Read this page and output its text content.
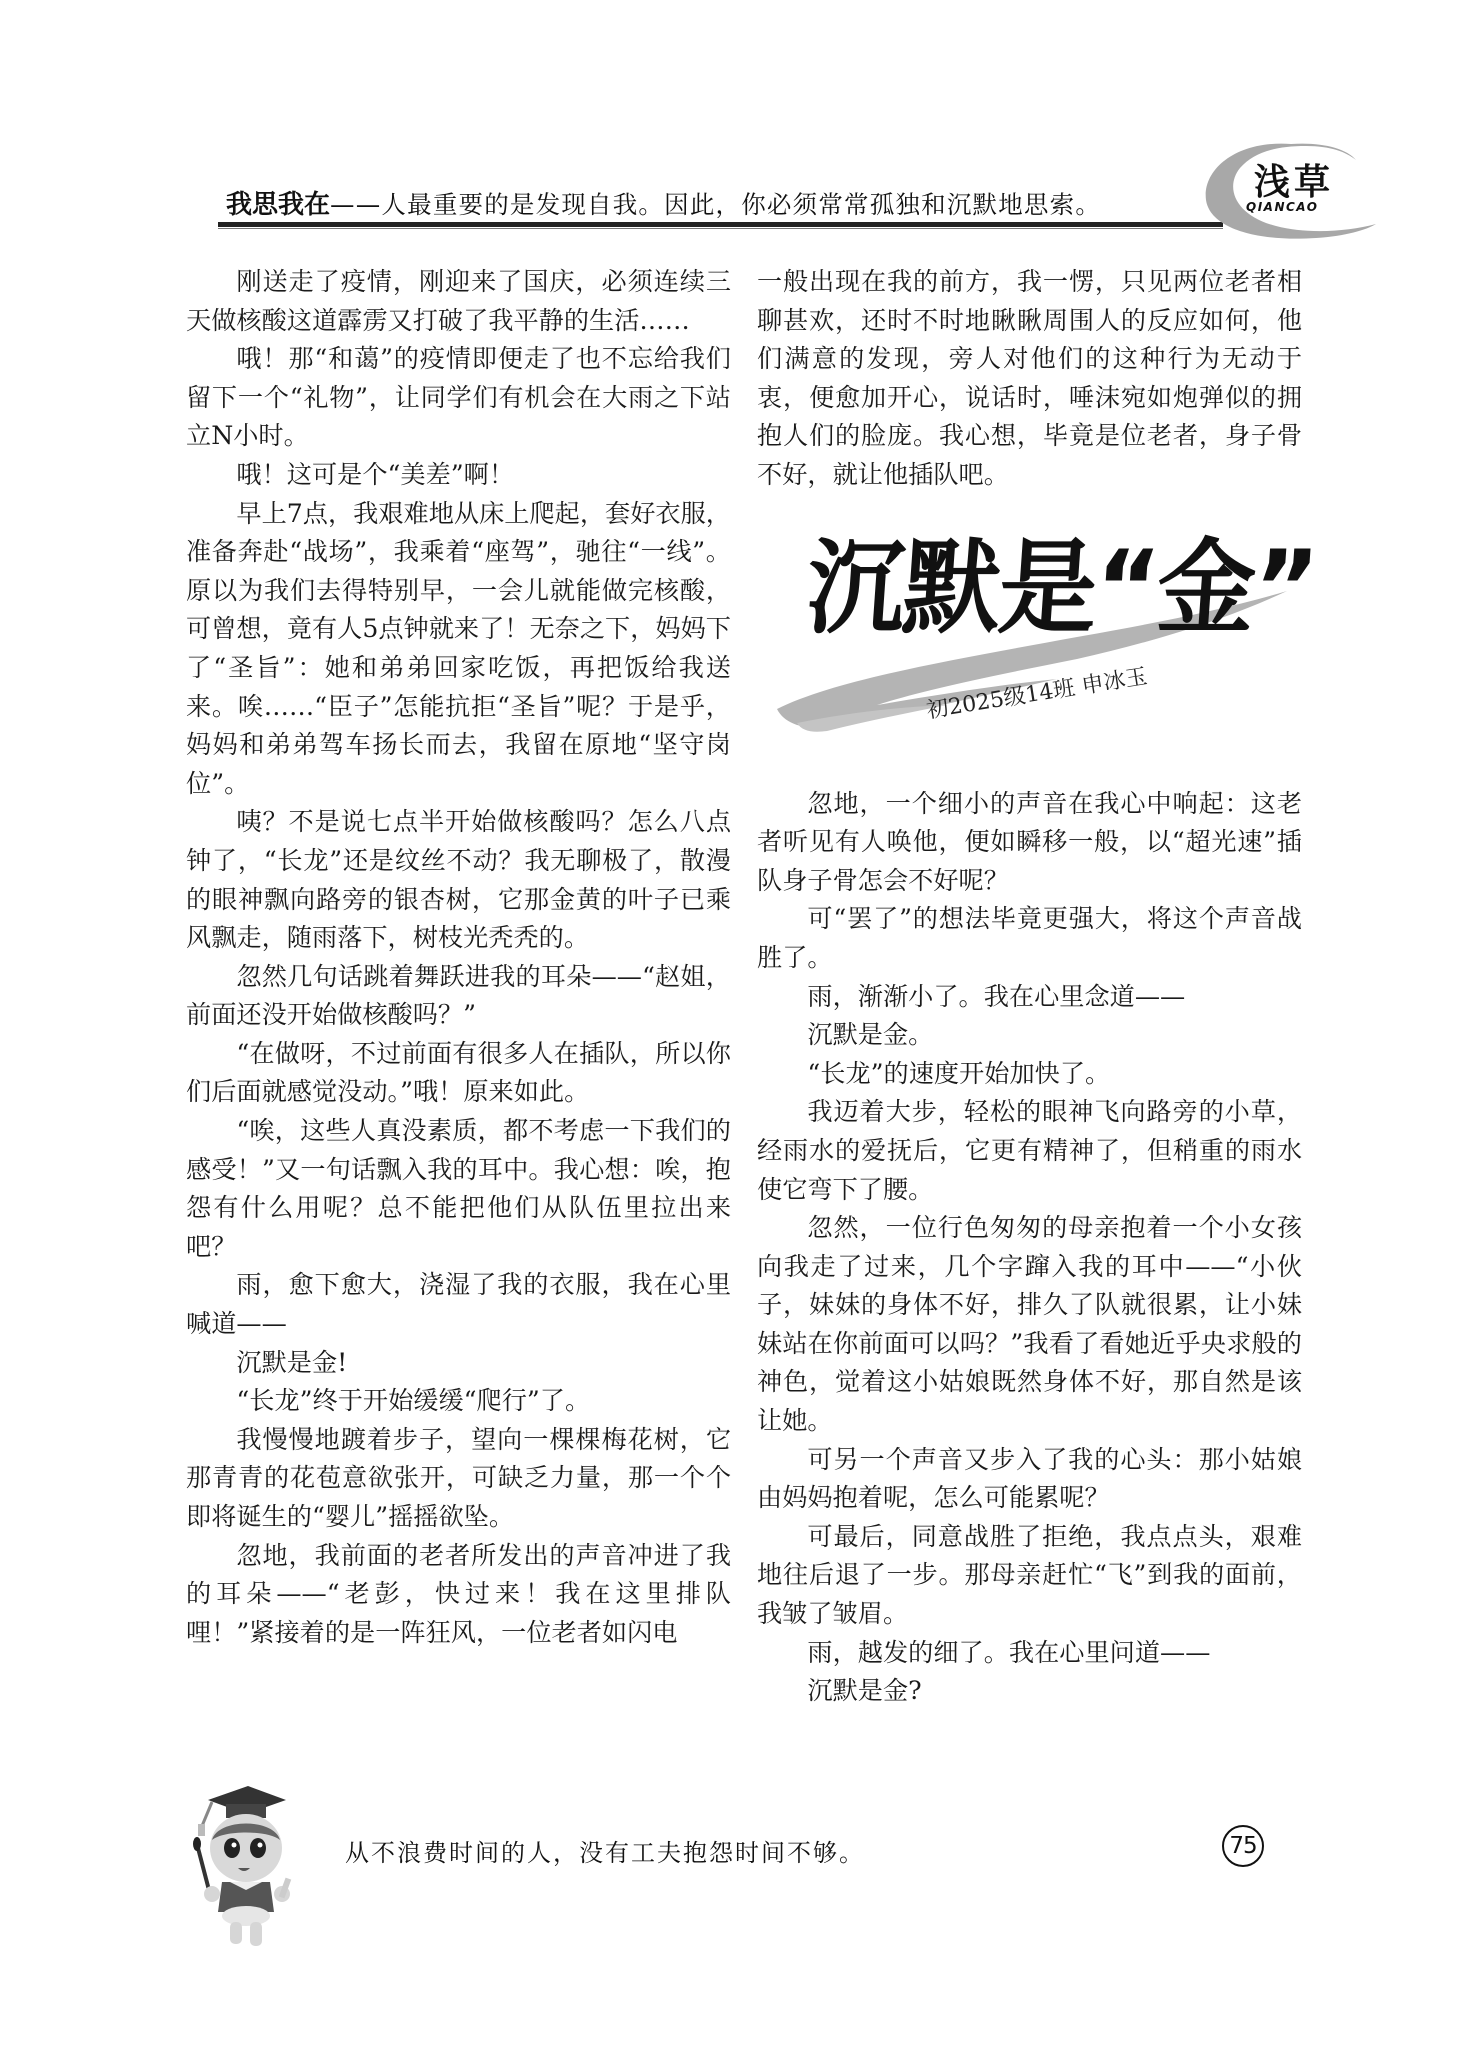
我思我在——人最重要的是发现自我。因此，你必须常常孤独和沉默地思索。
浅草
QIANCAO

刚送走了疫情，刚迎来了国庆，必须连续三天做核酸这道霹雳又打破了我平静的生活……

哦！那“和蔼”的疫情即便走了也不忘给我们留下一个“礼物”，让同学们有机会在大雨之下站立N小时。

哦！这可是个“美差”啊！

早上7点，我艰难地从床上爬起，套好衣服，准备奔赴“战场”，我乘着“座驾”，驰往“一线”。原以为我们去得特别早，一会儿就能做完核酸，可曾想，竟有人5点钟就来了！无奈之下，妈妈下了“圣旨”：她和弟弟回家吃饭，再把饭给我送来。唉……“臣子”怎能抗拒“圣旨”呢？于是乎，妈妈和弟弟驾车扬长而去，我留在原地“坚守岗位”。

咦？不是说七点半开始做核酸吗？怎么八点钟了，“长龙”还是纹丝不动？我无聊极了，散漫的眼神飘向路旁的银杏树，它那金黄的叶子已乘风飘走，随雨落下，树枝光秃秃的。

忽然几句话跳着舞跃进我的耳朵——“赵姐，前面还没开始做核酸吗？”

“在做呀，不过前面有很多人在插队，所以你们后面就感觉没动。”哦！原来如此。

“唉，这些人真没素质，都不考虑一下我们的感受！”又一句话飘入我的耳中。我心想：唉，抱怨有什么用呢？总不能把他们从队伍里拉出来吧？

雨，愈下愈大，浇湿了我的衣服，我在心里喊道——

沉默是金!

“长龙”终于开始缓缓“爬行”了。

我慢慢地踱着步子，望向一棵棵梅花树，它那青青的花苞意欲张开，可缺乏力量，那一个个即将诞生的“婴儿”摇摇欲坠。

忽地，我前面的老者所发出的声音冲进了我的耳朵——“老彭，快过来！我在这里排队哩！”紧接着的是一阵狂风，一位老者如闪电

一般出现在我的前方，我一愣，只见两位老者相聊甚欢，还时不时地瞅瞅周围人的反应如何，他们满意的发现，旁人对他们的这种行为无动于衷，便愈加开心，说话时，唾沫宛如炮弹似的拥抱人们的脸庞。我心想，毕竟是位老者，身子骨不好，就让他插队吧。

沉默是“金”
初2025级14班 申冰玉

忽地，一个细小的声音在我心中响起：这老者听见有人唤他，便如瞬移一般，以“超光速”插队身子骨怎会不好呢？

可“罢了”的想法毕竟更强大，将这个声音战胜了。

雨，渐渐小了。我在心里念道——

沉默是金。

“长龙”的速度开始加快了。

我迈着大步，轻松的眼神飞向路旁的小草，经雨水的爱抚后，它更有精神了，但稍重的雨水使它弯下了腰。

忽然，一位行色匆匆的母亲抱着一个小女孩向我走了过来，几个字蹿入我的耳中——“小伙子，妹妹的身体不好，排久了队就很累，让小妹妹站在你前面可以吗？”我看了看她近乎央求般的神色，觉着这小姑娘既然身体不好，那自然是该让她。

可另一个声音又步入了我的心头：那小姑娘由妈妈抱着呢，怎么可能累呢？

可最后，同意战胜了拒绝，我点点头，艰难地往后退了一步。那母亲赶忙“飞”到我的面前，我皱了皱眉。

雨，越发的细了。我在心里问道——

沉默是金?

从不浪费时间的人，没有工夫抱怨时间不够。	75
